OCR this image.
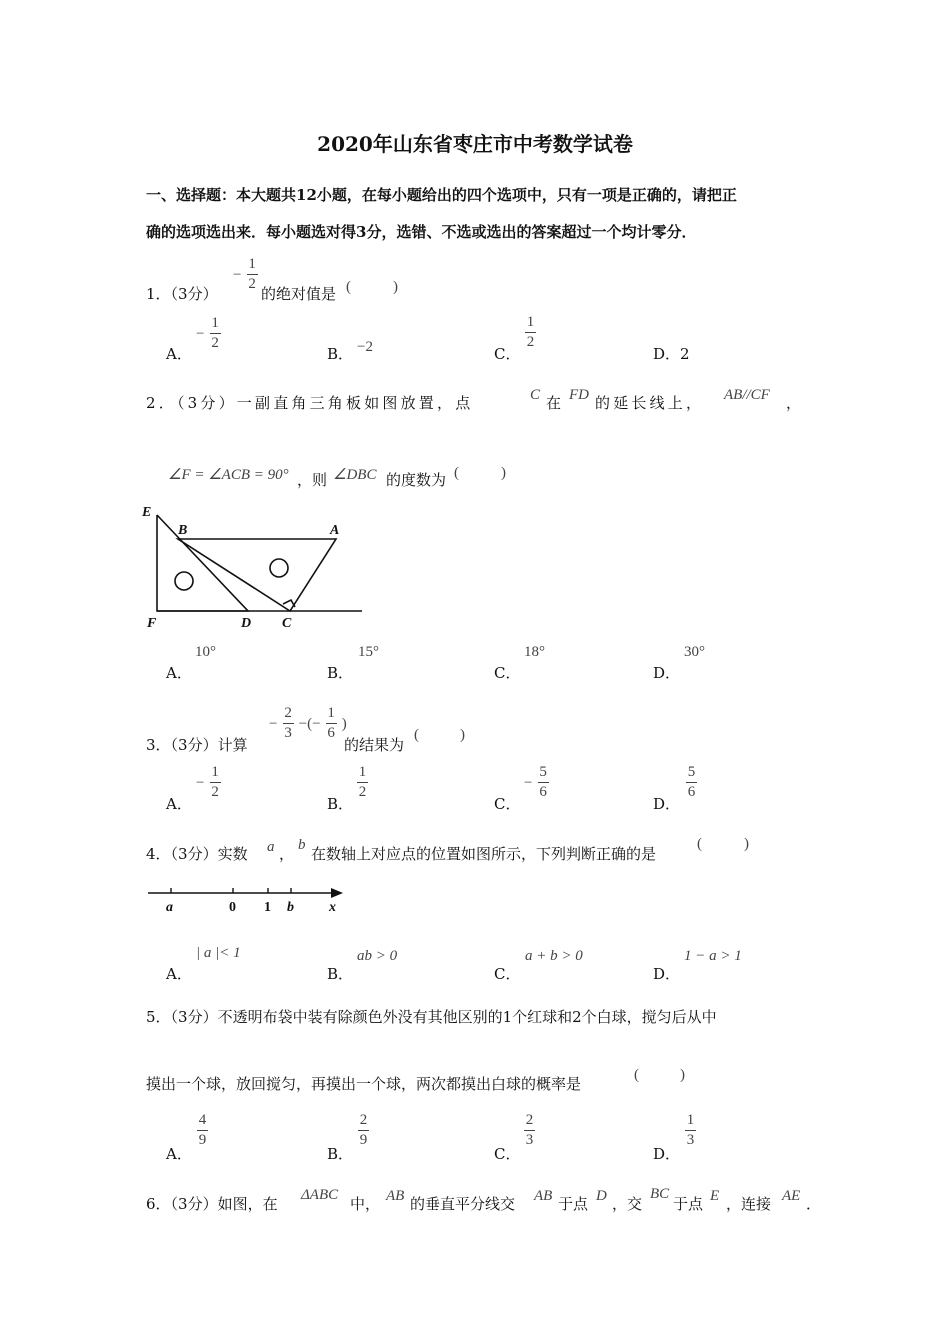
2020年山东省枣庄市中考数学试卷
一、选择题：本大题共12小题，在每小题给出的四个选项中，只有一项是正确的，请把正
确的选项选出来．每小题选对得3分，选错、不选或选出的答案超过一个均计零分．
1．（3分）
− $\frac{1}{2}$
的绝对值是 (	)
A．
− $\frac{1}{2}$
B． −2	C．
$\frac{1}{2}$
D．2
2．（3分）一副直角三角板如图放置，点	C 在 FD 的延长线上， AB//CF ，
∠F = ∠ACB = 90° ，则 ∠DBC 的度数为 (	)
E
B	A
F	D C
A．
10°
B．
15°
C．
18°
D．
30°
3．（3分）计算
− $\frac{2}{3}$ −(− $\frac{1}{6}$ )
的结果为
(	)
A．
− $\frac{1}{2}$
B．
$\frac{1}{2}$
C．
− $\frac{5}{6}$
D．
$\frac{5}{6}$
4．（3分）实数 a ， b 在数轴上对应点的位置如图所示，下列判断正确的是
(	)
a	0 1 b	x
A．
| a |< 1
B．
ab > 0
C．
a + b > 0
D．
1 − a > 1
5．（3分）不透明布袋中装有除颜色外没有其他区别的1个红球和2个白球，搅匀后从中
摸出一个球，放回搅匀，再摸出一个球，两次都摸出白球的概率是	(	)
A．
$\frac{4}{9}$
B．
$\frac{2}{9}$
C．
$\frac{2}{3}$
D．
$\frac{1}{3}$
6．（3分）如图，在 ΔABC 中， AB 的垂直平分线交 AB 于点 D ，交
BC
于点 E ，连接 AE ．
